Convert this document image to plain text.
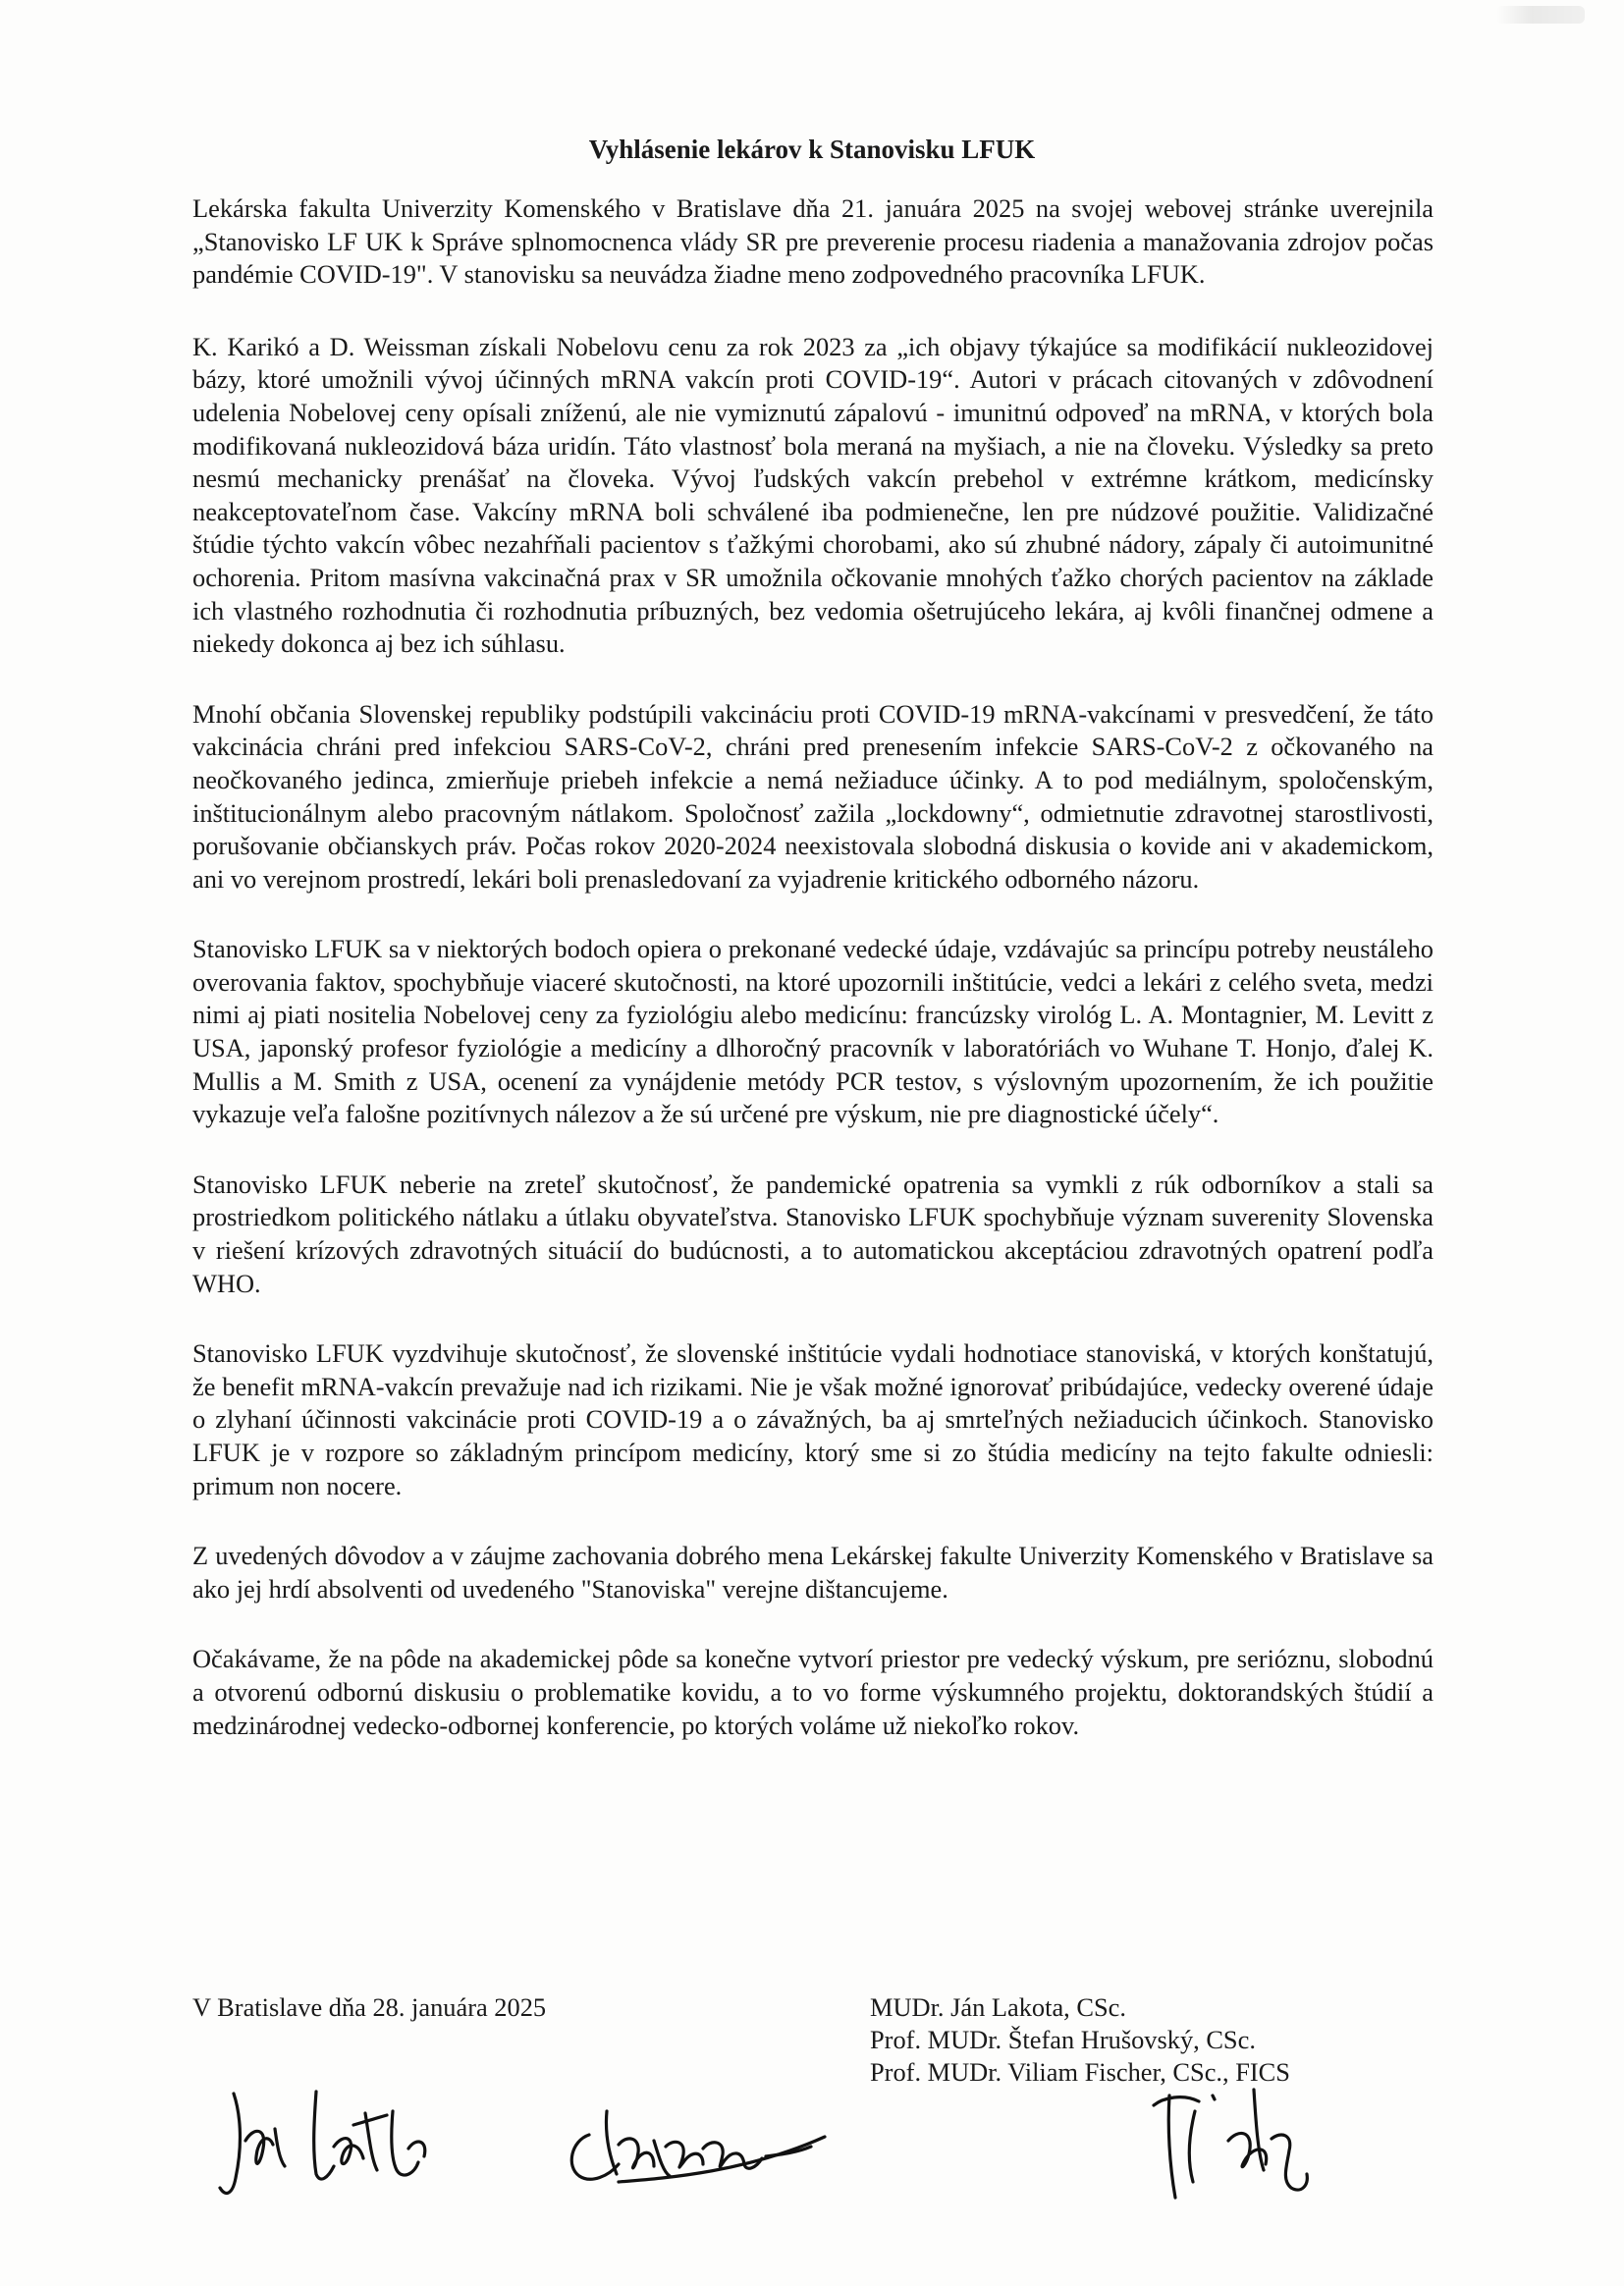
Vyhlásenie lekárov k Stanovisku LFUK

Lekárska fakulta Univerzity Komenského v Bratislave dňa 21. januára 2025 na svojej webovej stránke uverejnila „Stanovisko LF UK k Správe splnomocnenca vlády SR pre preverenie procesu riadenia a manažovania zdrojov počas pandémie COVID-19". V stanovisku sa neuvádza žiadne meno zodpovedného pracovníka LFUK.

K. Karikó a D. Weissman získali Nobelovu cenu za rok 2023 za „ich objavy týkajúce sa modifikácií nukleozidovej bázy, ktoré umožnili vývoj účinných mRNA vakcín proti COVID-19“. Autori v prácach citovaných v zdôvodnení udelenia Nobelovej ceny opísali zníženú, ale nie vymiznutú zápalovú - imunitnú odpoveď na mRNA, v ktorých bola modifikovaná nukleozidová báza uridín. Táto vlastnosť bola meraná na myšiach, a nie na človeku. Výsledky sa preto nesmú mechanicky prenášať na človeka. Vývoj ľudských vakcín prebehol v extrémne krátkom, medicínsky neakceptovateľnom čase. Vakcíny mRNA boli schválené iba podmienečne, len pre núdzové použitie. Validizačné štúdie týchto vakcín vôbec nezahŕňali pacientov s ťažkými chorobami, ako sú zhubné nádory, zápaly či autoimunitné ochorenia. Pritom masívna vakcinačná prax v SR umožnila očkovanie mnohých ťažko chorých pacientov na základe ich vlastného rozhodnutia či rozhodnutia príbuzných, bez vedomia ošetrujúceho lekára, aj kvôli finančnej odmene a niekedy dokonca aj bez ich súhlasu.

Mnohí občania Slovenskej republiky podstúpili vakcináciu proti COVID-19 mRNA-vakcínami v presvedčení, že táto vakcinácia chráni pred infekciou SARS-CoV-2, chráni pred prenesením infekcie SARS-CoV-2 z očkovaného na neočkovaného jedinca, zmierňuje priebeh infekcie a nemá nežiaduce účinky. A to pod mediálnym, spoločenským, inštitucionálnym alebo pracovným nátlakom. Spoločnosť zažila „lockdowny“, odmietnutie zdravotnej starostlivosti, porušovanie občianskych práv. Počas rokov 2020-2024 neexistovala slobodná diskusia o kovide ani v akademickom, ani vo verejnom prostredí, lekári boli prenasledovaní za vyjadrenie kritického odborného názoru.

Stanovisko LFUK sa v niektorých bodoch opiera o prekonané vedecké údaje, vzdávajúc sa princípu potreby neustáleho overovania faktov, spochybňuje viaceré skutočnosti, na ktoré upozornili inštitúcie, vedci a lekári z celého sveta, medzi nimi aj piati nositelia Nobelovej ceny za fyziológiu alebo medicínu: francúzsky virológ L. A. Montagnier, M. Levitt z USA, japonský profesor fyziológie a medicíny a dlhoročný pracovník v laboratóriách vo Wuhane T. Honjo, ďalej K. Mullis a M. Smith z USA, ocenení za vynájdenie metódy PCR testov, s výslovným upozornením, že ich použitie vykazuje veľa falošne pozitívnych nálezov a že sú určené pre výskum, nie pre diagnostické účely“.

Stanovisko LFUK neberie na zreteľ skutočnosť, že pandemické opatrenia sa vymkli z rúk odborníkov a stali sa prostriedkom politického nátlaku a útlaku obyvateľstva. Stanovisko LFUK spochybňuje význam suverenity Slovenska v riešení krízových zdravotných situácií do budúcnosti, a to automatickou akceptáciou zdravotných opatrení podľa WHO.

Stanovisko LFUK vyzdvihuje skutočnosť, že slovenské inštitúcie vydali hodnotiace stanoviská, v ktorých konštatujú, že benefit mRNA-vakcín prevažuje nad ich rizikami. Nie je však možné ignorovať pribúdajúce, vedecky overené údaje o zlyhaní účinnosti vakcinácie proti COVID-19 a o závažných, ba aj smrteľných nežiaducich účinkoch. Stanovisko LFUK je v rozpore so základným princípom medicíny, ktorý sme si zo štúdia medicíny na tejto fakulte odniesli: primum non nocere.

Z uvedených dôvodov a v záujme zachovania dobrého mena Lekárskej fakulte Univerzity Komenského v Bratislave sa ako jej hrdí absolventi od uvedeného "Stanoviska" verejne dištancujeme.

Očakávame, že na pôde na akademickej pôde sa konečne vytvorí priestor pre vedecký výskum, pre serióznu, slobodnú a otvorenú odbornú diskusiu o problematike kovidu, a to vo forme výskumného projektu, doktorandských štúdií a medzinárodnej vedecko-odbornej konferencie, po ktorých voláme už niekoľko rokov.

V Bratislave dňa 28. januára 2025	MUDr. Ján Lakota, CSc.
Prof. MUDr. Štefan Hrušovský, CSc.
Prof. MUDr. Viliam Fischer, CSc., FICS
